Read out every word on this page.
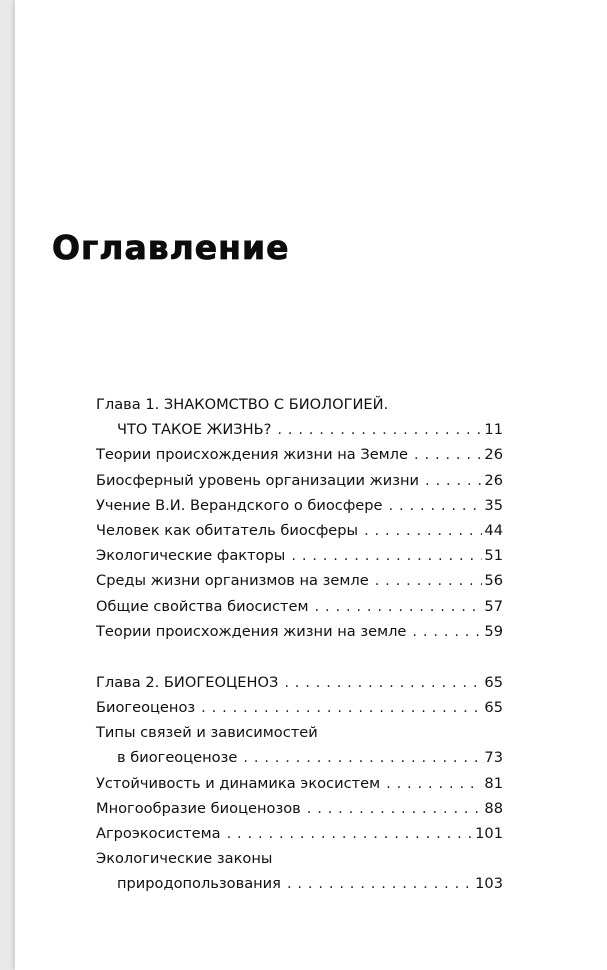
Оглавление
Глава 1. ЗНАКОМСТВО С БИОЛОГИЕЙ.
ЧТО ТАКОЕ ЖИЗНЬ? . . .	11
Теории происхождения жизни на Земле . . .	26
Биосферный уровень организации жизни . . .	26
Учение В.И. Верандского о биосфере . . .	35
Человек как обитатель биосферы . . .	44
Экологические факторы . . .	51
Среды жизни организмов на земле . . .	56
Общие свойства биосистем . . .	57
Теории происхождения жизни на земле . . .	59
Глава 2. БИОГЕОЦЕНОЗ . . .	65
Биогеоценоз . . .	65
Типы связей и зависимостей
в биогеоценозе . . .	73
Устойчивость и динамика экосистем . . .	81
Многообразие биоценозов . . .	88
Агроэкосистема . . .	101
Экологические законы
природопользования . . .	103
